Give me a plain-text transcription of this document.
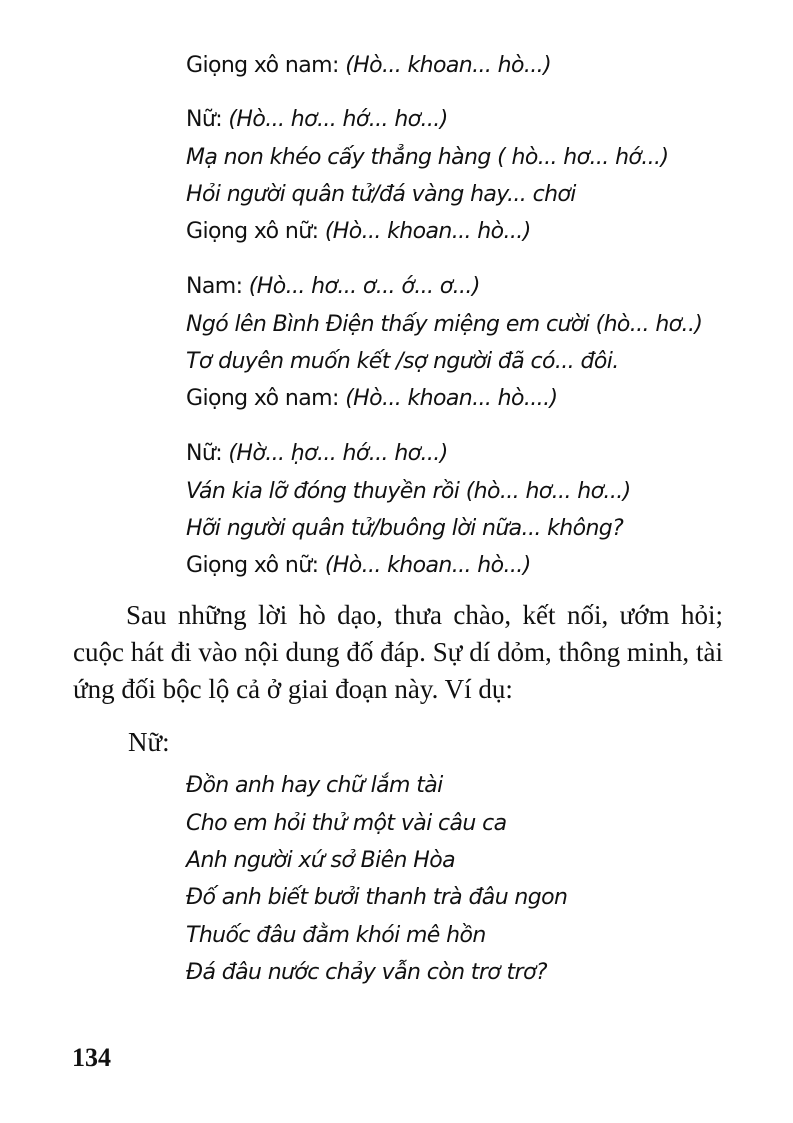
Giọng xô nam: (Hò... khoan... hò...)
Nữ: (Hò... hơ... hớ... hơ...)
Mạ non khéo cấy thẳng hàng ( hò... hơ... hớ...)
Hỏi người quân tử/đá vàng hay... chơi
Giọng xô nữ: (Hò... khoan... hò...)
Nam: (Hò... hơ... ơ... ớ... ơ...)
Ngó lên Bình Điện thấy miệng em cười (hò... hơ..)
Tơ duyên muốn kết /sợ người đã có... đôi.
Giọng xô nam: (Hò... khoan... hò....)
Nữ: (Hờ... ḥơ... hớ... hơ...)
Ván kia lỡ đóng thuyền rồi (hò... hơ... hơ...)
Hỡi người quân tử/buông lời nữa... không?
Giọng xô nữ: (Hò... khoan... hò...)

Sau những lời hò dạo, thưa chào, kết nối, ướm hỏi; cuộc hát đi vào nội dung đố đáp. Sự dí dỏm, thông minh, tài ứng đối bộc lộ cả ở giai đoạn này. Ví dụ:

Nữ:
Đồn anh hay chữ lắm tài
Cho em hỏi thử một vài câu ca
Anh người xứ sở Biên Hòa
Đố anh biết bưởi thanh trà đâu ngon
Thuốc đâu đằm khói mê hồn
Đá đâu nước chảy vẫn còn trơ trơ?
134
